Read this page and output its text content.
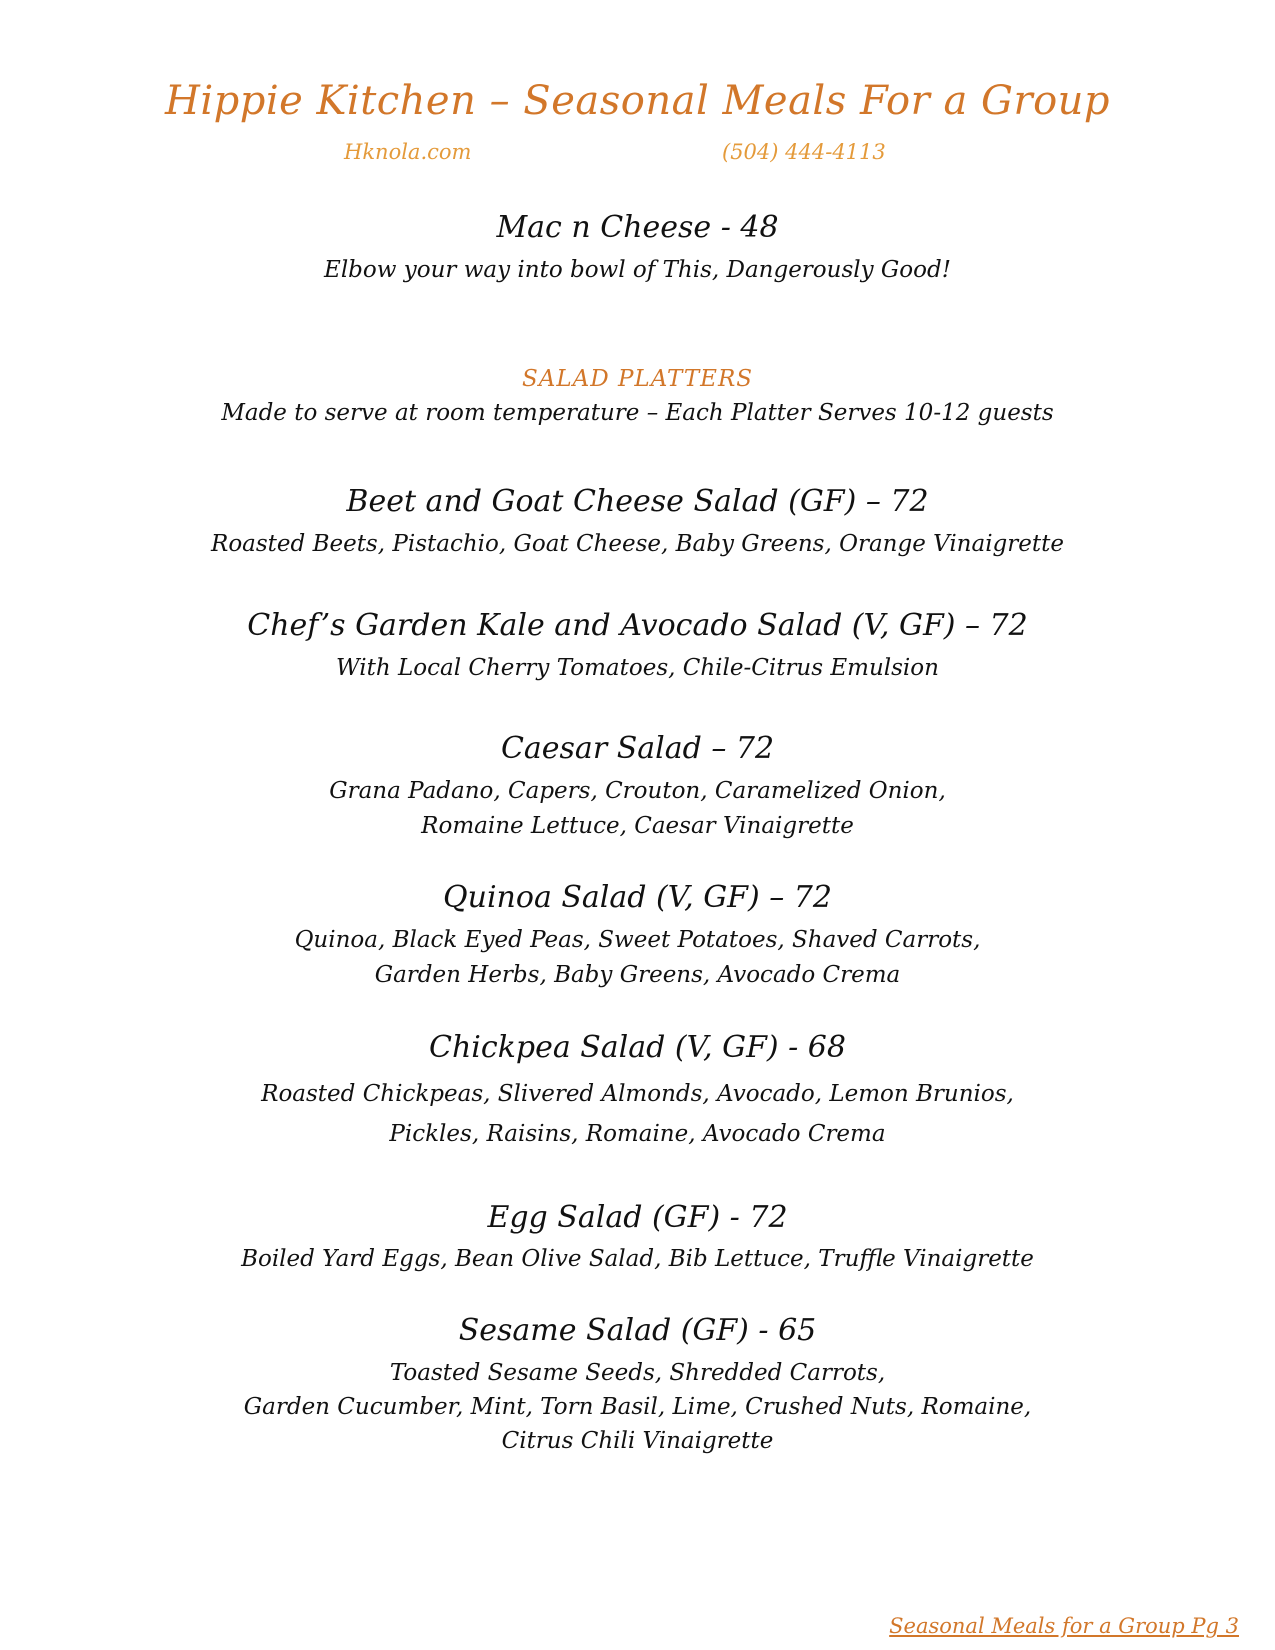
Hippie Kitchen – Seasonal Meals For a Group
Hknola.com	(504) 444-4113
Mac n Cheese - 48
Elbow your way into bowl of This, Dangerously Good!
SALAD PLATTERS
Made to serve at room temperature – Each Platter Serves 10-12 guests
Beet and Goat Cheese Salad (GF) – 72
Roasted Beets, Pistachio, Goat Cheese, Baby Greens, Orange Vinaigrette
Chef’s Garden Kale and Avocado Salad (V, GF) – 72
With Local Cherry Tomatoes, Chile-Citrus Emulsion
Caesar Salad – 72
Grana Padano, Capers, Crouton, Caramelized Onion,
Romaine Lettuce, Caesar Vinaigrette
Quinoa Salad (V, GF) – 72
Quinoa, Black Eyed Peas, Sweet Potatoes, Shaved Carrots,
Garden Herbs, Baby Greens, Avocado Crema
Chickpea Salad (V, GF) - 68
Roasted Chickpeas, Slivered Almonds, Avocado, Lemon Brunios,
Pickles, Raisins, Romaine, Avocado Crema
Egg Salad (GF) - 72
Boiled Yard Eggs, Bean Olive Salad, Bib Lettuce, Truffle Vinaigrette
Sesame Salad (GF) - 65
Toasted Sesame Seeds, Shredded Carrots,
Garden Cucumber, Mint, Torn Basil, Lime, Crushed Nuts, Romaine,
Citrus Chili Vinaigrette
Seasonal Meals for a Group Pg 3
